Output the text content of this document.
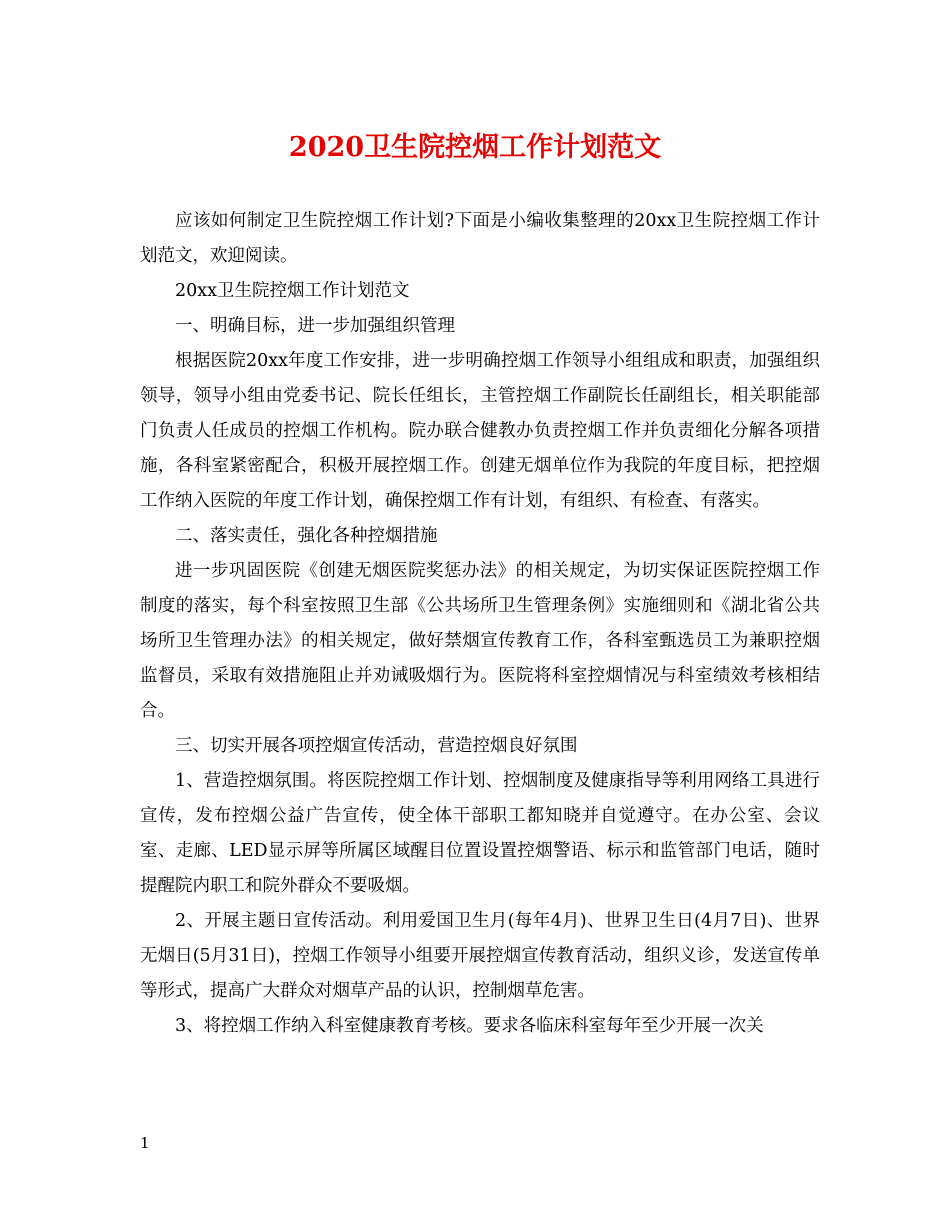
2020卫生院控烟工作计划范文

应该如何制定卫生院控烟工作计划?下面是小编收集整理的20xx卫生院控烟工作计划范文，欢迎阅读。

20xx卫生院控烟工作计划范文

一、明确目标，进一步加强组织管理

根据医院20xx年度工作安排，进一步明确控烟工作领导小组组成和职责，加强组织领导，领导小组由党委书记、院长任组长，主管控烟工作副院长任副组长，相关职能部门负责人任成员的控烟工作机构。院办联合健教办负责控烟工作并负责细化分解各项措施，各科室紧密配合，积极开展控烟工作。创建无烟单位作为我院的年度目标，把控烟工作纳入医院的年度工作计划，确保控烟工作有计划，有组织、有检查、有落实。

二、落实责任，强化各种控烟措施

进一步巩固医院《创建无烟医院奖惩办法》的相关规定，为切实保证医院控烟工作制度的落实，每个科室按照卫生部《公共场所卫生管理条例》实施细则和《湖北省公共场所卫生管理办法》的相关规定，做好禁烟宣传教育工作，各科室甄选员工为兼职控烟监督员，采取有效措施阻止并劝诫吸烟行为。医院将科室控烟情况与科室绩效考核相结合。

三、切实开展各项控烟宣传活动，营造控烟良好氛围

1、营造控烟氛围。将医院控烟工作计划、控烟制度及健康指导等利用网络工具进行宣传，发布控烟公益广告宣传，使全体干部职工都知晓并自觉遵守。在办公室、会议室、走廊、LED显示屏等所属区域醒目位置设置控烟警语、标示和监管部门电话，随时提醒院内职工和院外群众不要吸烟。

2、开展主题日宣传活动。利用爱国卫生月(每年4月)、世界卫生日(4月7日)、世界无烟日(5月31日)，控烟工作领导小组要开展控烟宣传教育活动，组织义诊，发送宣传单等形式，提高广大群众对烟草产品的认识，控制烟草危害。

3、将控烟工作纳入科室健康教育考核。要求各临床科室每年至少开展一次关

1
